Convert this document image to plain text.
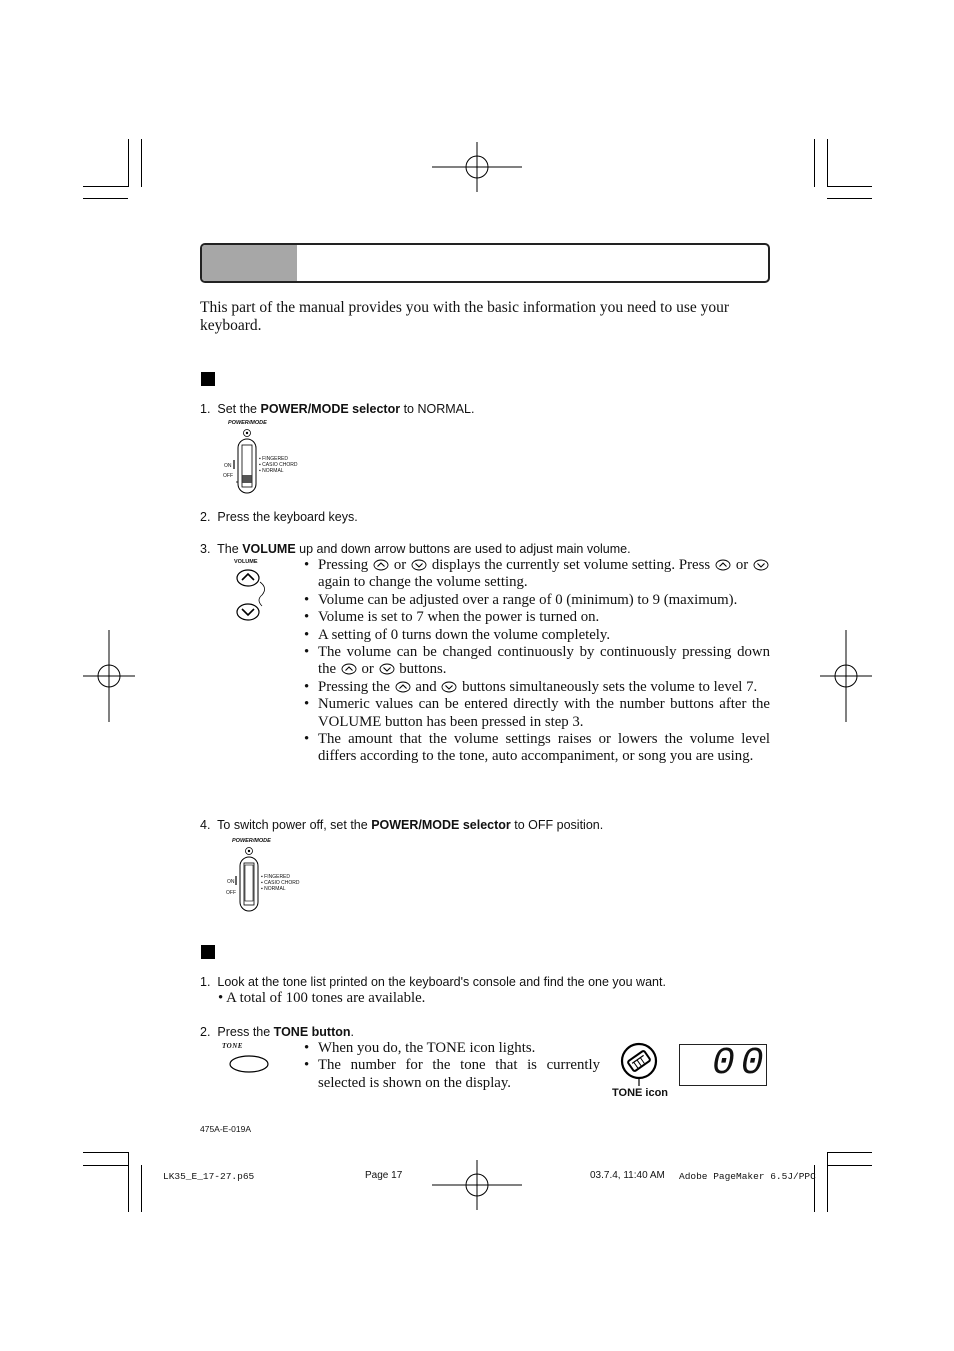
This part of the manual provides you with the basic information you need to use your keyboard.
1. Set the POWER/MODE selector to NORMAL.
POWER/MODE
ON
OFF
▪ FINGERED
▪ CASIO CHORD
▪ NORMAL
2. Press the keyboard keys.
3. The VOLUME up and down arrow buttons are used to adjust main volume.
VOLUME	• Pressing or displays the currently set volume setting. Press or  again to change the volume setting.
• Volume can be adjusted over a range of 0 (minimum) to 9 (maximum).
• Volume is set to 7 when the power is turned on.
• A setting of 0 turns down the volume completely.
• The volume can be changed continuously by continuously pressing down the or buttons.
• Pressing the and buttons simultaneously sets the volume to level 7.
• Numeric values can be entered directly with the number buttons after the VOLUME button has been pressed in step 3.
• The amount that the volume settings raises or lowers the volume level differs according to the tone, auto accompaniment, or song you are using.
4. To switch power off, set the POWER/MODE selector to OFF position.
POWER/MODE
ON
OFF
▪ FINGERED
▪ CASIO CHORD
▪ NORMAL
1. Look at the tone list printed on the keyboard's console and find the one you want.
• A total of 100 tones are available.
2. Press the TONE button.
TONE	• When you do, the TONE icon lights.
• The number for the tone that is currently selected is shown on the display.
TONE icon
00
475A-E-019A
LK35_E_17-27.p65	Page 17	03.7.4, 11:40 AM Adobe PageMaker 6.5J/PPC
